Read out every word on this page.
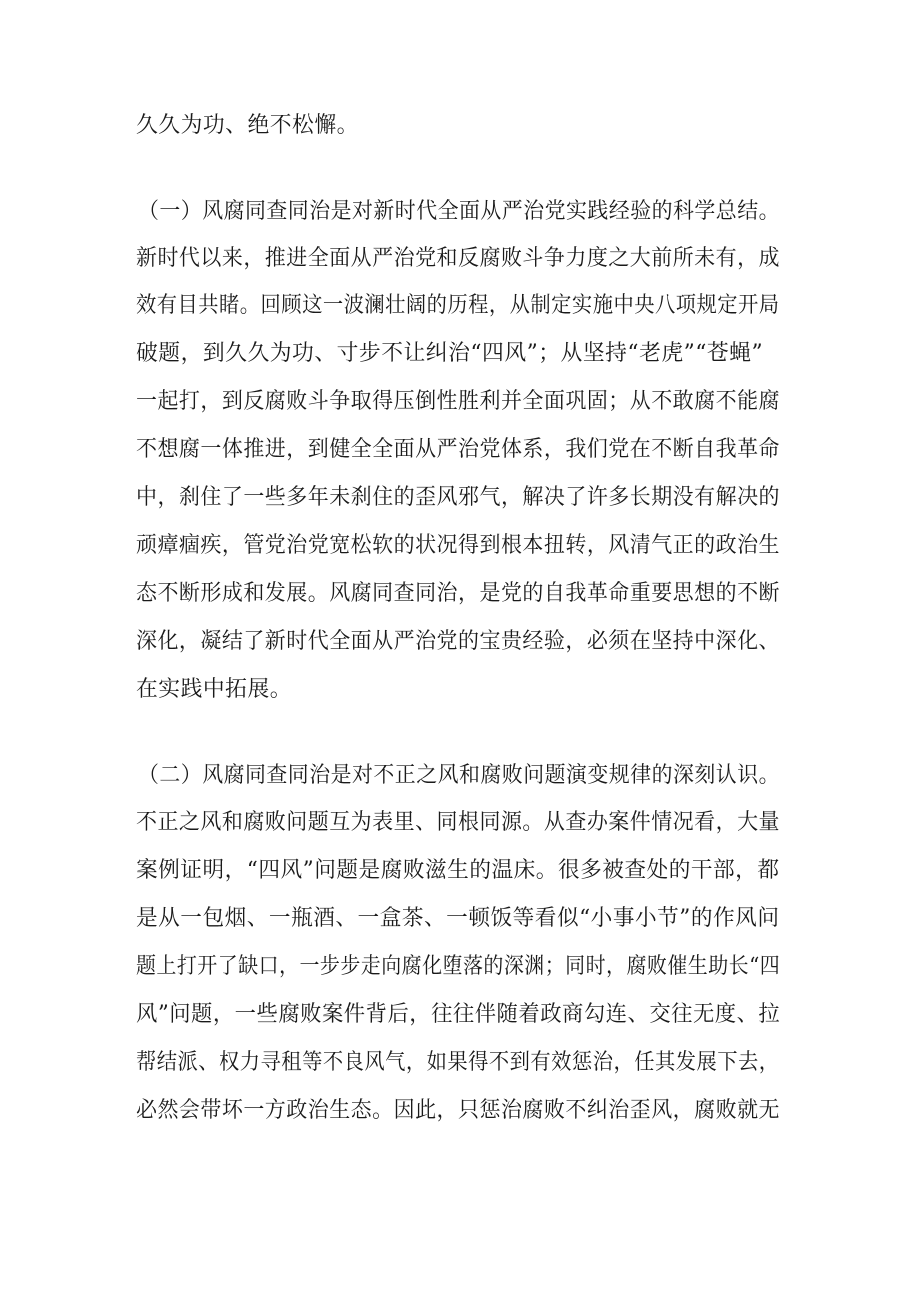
久久为功、绝不松懈。
（一）风腐同查同治是对新时代全面从严治党实践经验的科学总结。
新时代以来，推进全面从严治党和反腐败斗争力度之大前所未有，成
效有目共睹。回顾这一波澜壮阔的历程，从制定实施中央八项规定开局
破题，到久久为功、寸步不让纠治“四风”；从坚持“老虎”“苍蝇”
一起打，到反腐败斗争取得压倒性胜利并全面巩固；从不敢腐不能腐
不想腐一体推进，到健全全面从严治党体系，我们党在不断自我革命
中，刹住了一些多年未刹住的歪风邪气，解决了许多长期没有解决的
顽瘴痼疾，管党治党宽松软的状况得到根本扭转，风清气正的政治生
态不断形成和发展。风腐同查同治，是党的自我革命重要思想的不断
深化，凝结了新时代全面从严治党的宝贵经验，必须在坚持中深化、
在实践中拓展。
（二）风腐同查同治是对不正之风和腐败问题演变规律的深刻认识。
不正之风和腐败问题互为表里、同根同源。从查办案件情况看，大量
案例证明，“四风”问题是腐败滋生的温床。很多被查处的干部，都
是从一包烟、一瓶酒、一盒茶、一顿饭等看似“小事小节”的作风问
题上打开了缺口，一步步走向腐化堕落的深渊；同时，腐败催生助长“四
风”问题，一些腐败案件背后，往往伴随着政商勾连、交往无度、拉
帮结派、权力寻租等不良风气，如果得不到有效惩治，任其发展下去，
必然会带坏一方政治生态。因此，只惩治腐败不纠治歪风，腐败就无
